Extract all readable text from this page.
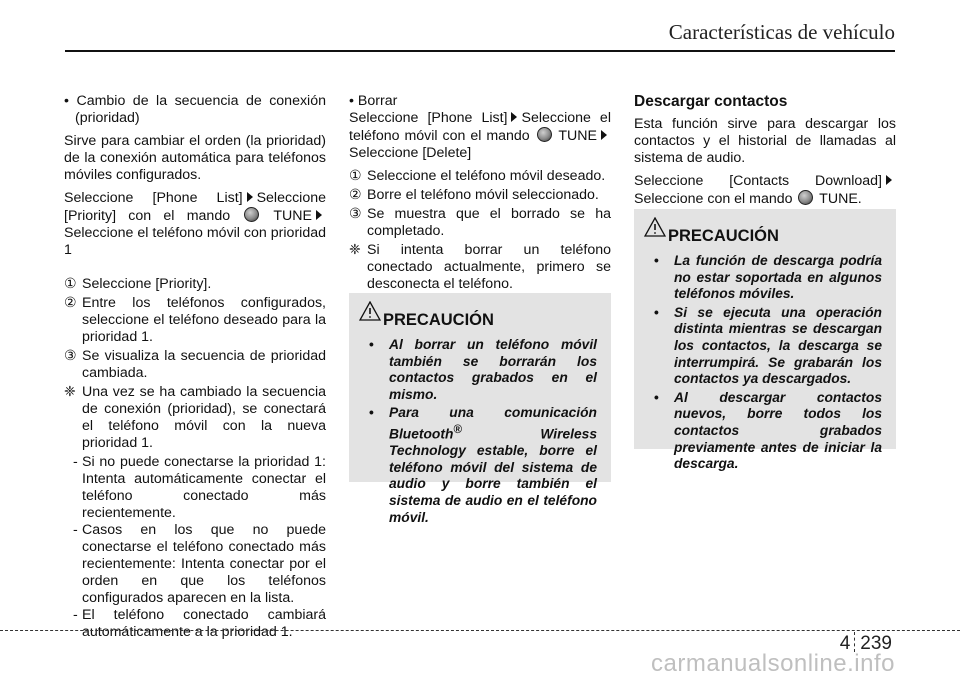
Características de vehículo

• Cambio de la secuencia de conexión (prioridad)

Sirve para cambiar el orden (la prioridad) de la conexión automática para teléfonos móviles configurados.

Seleccione [Phone List] Seleccione [Priority] con el mando	TUNESeleccione el teléfono móvil con prioridad 1

① Seleccione [Priority].
② Entre los teléfonos configurados, seleccione el teléfono deseado para la prioridad 1.
③ Se visualiza la secuencia de prioridad cambiada.
❈ Una vez se ha cambiado la secuencia de conexión (prioridad), se conectará el teléfono móvil con la nueva prioridad 1.
- Si no puede conectarse la prioridad 1: Intenta automáticamente conectar el teléfono conectado más recientemente.
- Casos en los que no puede conectarse el teléfono conectado más recientemente: Intenta conectar por el orden en que los teléfonos configurados aparecen en la lista.
- El teléfono conectado cambiará automáticamente a la prioridad 1.

• Borrar

Seleccione [Phone List] Seleccione el teléfono móvil con el mando TUNE Seleccione [Delete]

① Seleccione el teléfono móvil deseado.
② Borre el teléfono móvil seleccionado.
③ Se muestra que el borrado se ha completado.
❈ Si intenta borrar un teléfono conectado actualmente, primero se desconecta el teléfono.
PRECAUCIÓN
• Al borrar un teléfono móvil también se borrarán los contactos grabados en el mismo.
• Para una comunicación Bluetooth® Wireless Technology estable, borre el teléfono móvil del sistema de audio y borre también el sistema de audio en el teléfono móvil.

Descargar contactos

Esta función sirve para descargar los contactos y el historial de llamadas al sistema de audio.

Seleccione [Contacts Download] Seleccione con el mando TUNE.

PRECAUCIÓN
• La función de descarga podría no estar soportada en algunos teléfonos móviles.
• Si se ejecuta una operación distinta mientras se descargan los contactos, la descarga se interrumpirá. Se grabarán los contactos ya descargados.
• Al descargar contactos nuevos, borre todos los contactos grabados previamente antes de iniciar la descarga.
4 239
carmanualsonline.info
